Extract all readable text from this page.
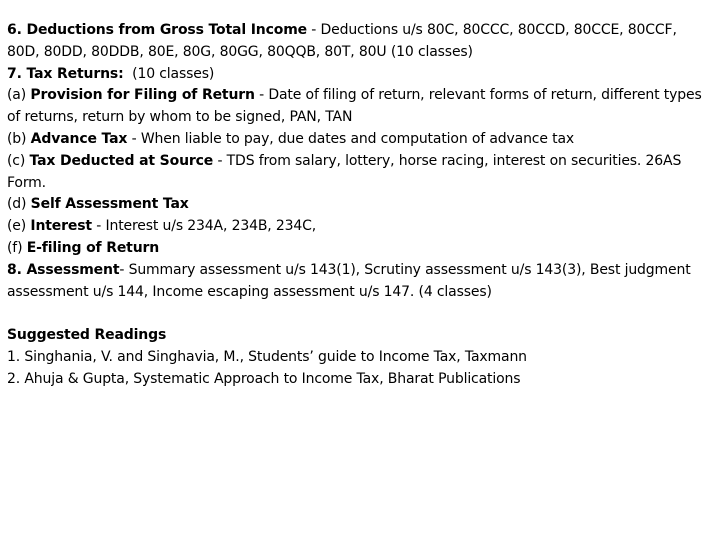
6. Deductions from Gross Total Income - Deductions u/s 80C, 80CCC, 80CCD, 80CCE, 80CCF, 80D, 80DD, 80DDB, 80E, 80G, 80GG, 80QQB, 80T, 80U (10 classes)

7. Tax Returns:  (10 classes)

(a) Provision for Filing of Return - Date of filing of return, relevant forms of return, different types of returns, return by whom to be signed, PAN, TAN

(b) Advance Tax - When liable to pay, due dates and computation of advance tax

(c) Tax Deducted at Source - TDS from salary, lottery, horse racing, interest on securities. 26AS Form.

(d) Self Assessment Tax

(e) Interest - Interest u/s 234A, 234B, 234C,

(f) E-filing of Return

8. Assessment- Summary assessment u/s 143(1), Scrutiny assessment u/s 143(3), Best judgment assessment u/s 144, Income escaping assessment u/s 147. (4 classes)

Suggested Readings

1. Singhania, V. and Singhavia, M., Students’ guide to Income Tax, Taxmann

2. Ahuja & Gupta, Systematic Approach to Income Tax, Bharat Publications
